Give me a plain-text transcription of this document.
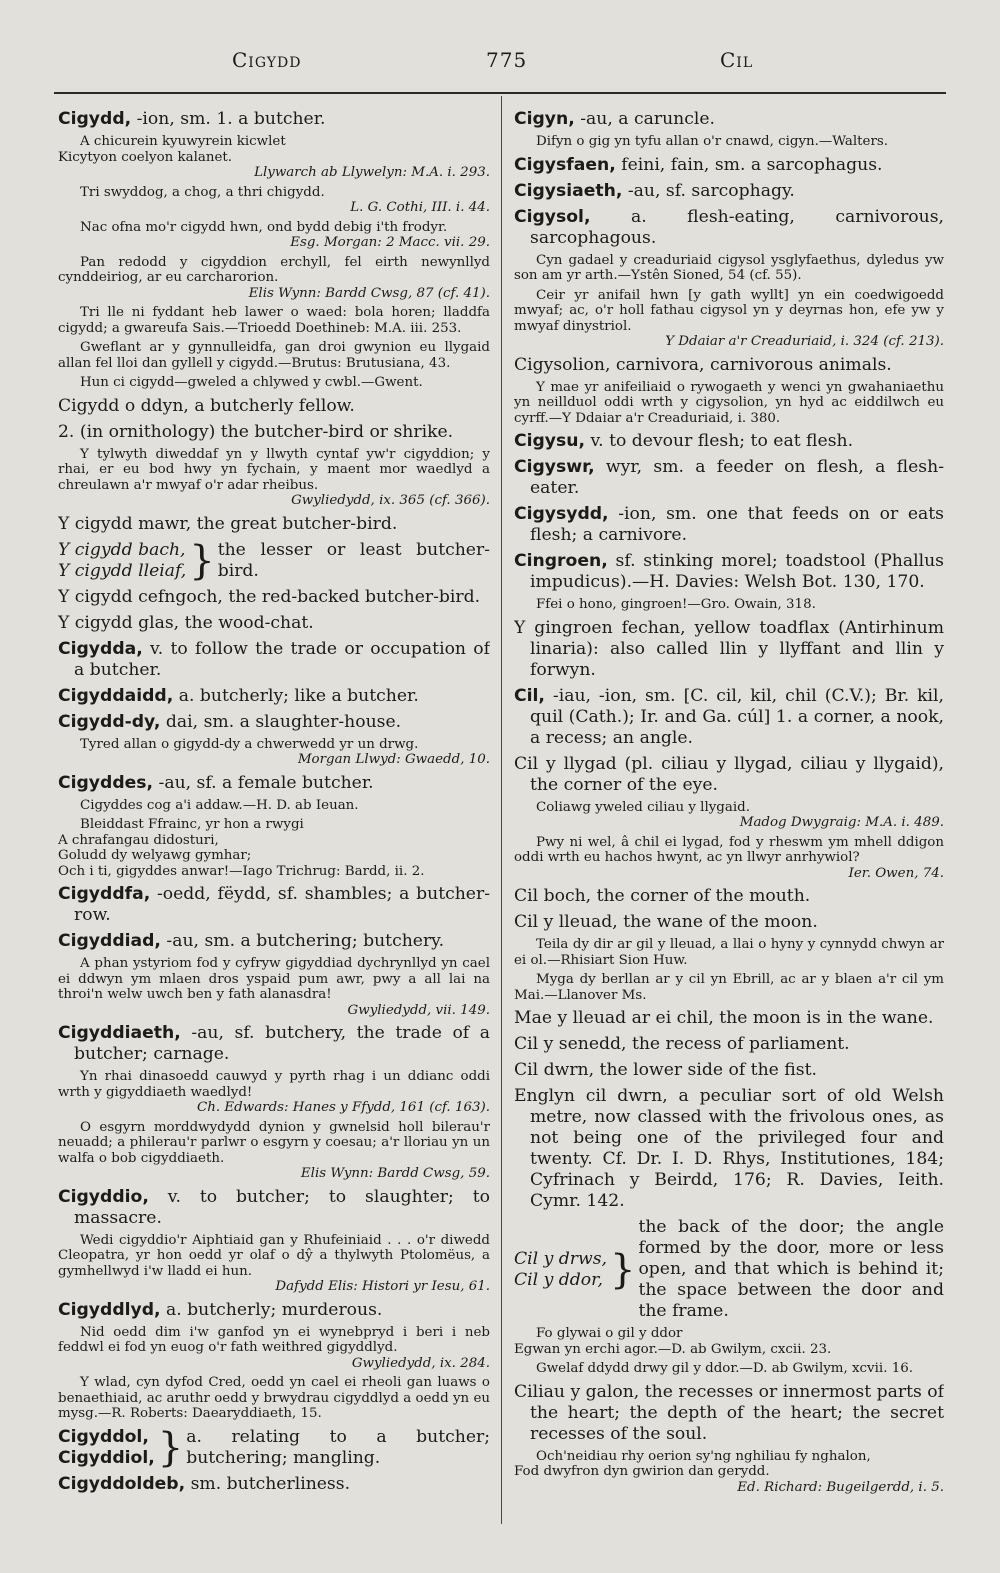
Cigydd	775	Cil

Cigydd, -ion, sm. 1. a butcher.

A chicurein kyuwyrein kicwlet
Kicytyon coelyon kalanet.

Llywarch ab Llywelyn: M.A. i. 293.

Tri swyddog, a chog, a thri chigydd.

L. G. Cothi, III. i. 44.

Nac ofna mo'r cigydd hwn, ond bydd debig i'th frodyr.

Esg. Morgan: 2 Macc. vii. 29.

Pan redodd y cigyddion erchyll, fel eirth newynllyd cynddeiriog, ar eu carcharorion.

Elis Wynn: Bardd Cwsg, 87 (cf. 41).

Tri lle ni fyddant heb lawer o waed: bola horen; lladdfa cigydd; a gwareufa Sais.—Trioedd Doethineb: M.A. iii. 253.

Gweflant ar y gynnulleidfa, gan droi gwynion eu llygaid allan fel lloi dan gyllell y cigydd.—Brutus: Brutusiana, 43.

Hun ci cigydd—gweled a chlywed y cwbl.—Gwent.

Cigydd o ddyn, a butcherly fellow.

2. (in ornithology) the butcher-bird or shrike.

Y tylwyth diweddaf yn y llwyth cyntaf yw'r cigyddion; y rhai, er eu bod hwy yn fychain, y maent mor waedlyd a chreulawn a'r mwyaf o'r adar rheibus.

Gwyliedydd, ix. 365 (cf. 366).

Y cigydd mawr, the great butcher-bird.

Y cigydd bach,
Y cigydd lleiaf, } the lesser or least butcher-bird.

Y cigydd cefngoch, the red-backed butcher-bird.

Y cigydd glas, the wood-chat.

Cigydda, v. to follow the trade or occupation of a butcher.

Cigyddaidd, a. butcherly; like a butcher.

Cigydd-dy, dai, sm. a slaughter-house.

Tyred allan o gigydd-dy a chwerwedd yr un drwg.

Morgan Llwyd: Gwaedd, 10.

Cigyddes, -au, sf. a female butcher.

Cigyddes cog a'i addaw.—H. D. ab Ieuan.

Bleiddast Ffrainc, yr hon a rwygi
A chrafangau didosturi,
Goludd dy welyawg gymhar;
Och i ti, gigyddes anwar!—Iago Trichrug: Bardd, ii. 2.

Cigyddfa, -oedd, fëydd, sf. shambles; a butcher-row.

Cigyddiad, -au, sm. a butchering; butchery.

A phan ystyriom fod y cyfryw gigyddiad dychrynllyd yn cael ei ddwyn ym mlaen dros yspaid pum awr, pwy a all lai na throi'n welw uwch ben y fath alanasdra!

Gwyliedydd, vii. 149.

Cigyddiaeth, -au, sf. butchery, the trade of a butcher; carnage.

Yn rhai dinasoedd cauwyd y pyrth rhag i un ddianc oddi wrth y gigyddiaeth waedlyd!

Ch. Edwards: Hanes y Ffydd, 161 (cf. 163).

O esgyrn morddwydydd dynion y gwnelsid holl bilerau'r neuadd; a philerau'r parlwr o esgyrn y coesau; a'r lloriau yn un walfa o bob cigyddiaeth.

Elis Wynn: Bardd Cwsg, 59.

Cigyddio, v. to butcher; to slaughter; to massacre.

Wedi cigyddio'r Aiphtiaid gan y Rhufeiniaid . . . o'r diwedd Cleopatra, yr hon oedd yr olaf o dŷ a thylwyth Ptolomëus, a gymhellwyd i'w lladd ei hun.

Dafydd Elis: Histori yr Iesu, 61.

Cigyddlyd, a. butcherly; murderous.

Nid oedd dim i'w ganfod yn ei wynebpryd i beri i neb feddwl ei fod yn euog o'r fath weithred gigyddlyd.

Gwyliedydd, ix. 284.

Y wlad, cyn dyfod Cred, oedd yn cael ei rheoli gan luaws o benaethiaid, ac aruthr oedd y brwydrau cigyddlyd a oedd yn eu mysg.—R. Roberts: Daearyddiaeth, 15.

Cigyddol,
Cigyddiol, } a. relating to a butcher; butchering; mangling.

Cigyddoldeb, sm. butcherliness.

Cigyn, -au, a caruncle.

Difyn o gig yn tyfu allan o'r cnawd, cigyn.—Walters.

Cigysfaen, feini, fain, sm. a sarcophagus.

Cigysiaeth, -au, sf. sarcophagy.

Cigysol, a. flesh-eating, carnivorous, sarcophagous.

Cyn gadael y creaduriaid cigysol ysglyfaethus, dyledus yw son am yr arth.—Ystên Sioned, 54 (cf. 55).

Ceir yr anifail hwn [y gath wyllt] yn ein coedwigoedd mwyaf; ac, o'r holl fathau cigysol yn y deyrnas hon, efe yw y mwyaf dinystriol.

Y Ddaiar a'r Creaduriaid, i. 324 (cf. 213).

Cigysolion, carnivora, carnivorous animals.

Y mae yr anifeiliaid o rywogaeth y wenci yn gwahaniaethu yn neillduol oddi wrth y cigysolion, yn hyd ac eiddilwch eu cyrff.—Y Ddaiar a'r Creaduriaid, i. 380.

Cigysu, v. to devour flesh; to eat flesh.

Cigyswr, wyr, sm. a feeder on flesh, a flesh-eater.

Cigysydd, -ion, sm. one that feeds on or eats flesh; a carnivore.

Cingroen, sf. stinking morel; toadstool (Phallus impudicus).—H. Davies: Welsh Bot. 130, 170.

Ffei o hono, gingroen!—Gro. Owain, 318.

Y gingroen fechan, yellow toadflax (Antirhinum linaria): also called llin y llyffant and llin y forwyn.

Cil, -iau, -ion, sm. [C. cil, kil, chil (C.V.); Br. kil, quil (Cath.); Ir. and Ga. cúl] 1. a corner, a nook, a recess; an angle.

Cil y llygad (pl. ciliau y llygad, ciliau y llygaid), the corner of the eye.

Coliawg yweled ciliau y llygaid.

Madog Dwygraig: M.A. i. 489.

Pwy ni wel, â chil ei lygad, fod y rheswm ym mhell ddigon oddi wrth eu hachos hwynt, ac yn llwyr anrhywiol?

Ier. Owen, 74.

Cil boch, the corner of the mouth.

Cil y lleuad, the wane of the moon.

Teila dy dir ar gil y lleuad, a llai o hyny y cynnydd chwyn ar ei ol.—Rhisiart Sion Huw.

Myga dy berllan ar y cil yn Ebrill, ac ar y blaen a'r cil ym Mai.—Llanover Ms.

Mae y lleuad ar ei chil, the moon is in the wane.

Cil y senedd, the recess of parliament.

Cil dwrn, the lower side of the fist.

Englyn cil dwrn, a peculiar sort of old Welsh metre, now classed with the frivolous ones, as not being one of the privileged four and twenty. Cf. Dr. I. D. Rhys, Institutiones, 184; Cyfrinach y Beirdd, 176; R. Davies, Ieith. Cymr. 142.

Cil y drws,
Cil y ddor, }
the back of the door; the angle formed by the door, more or less open, and that which is behind it; the space between the door and the frame.

Fo glywai o gil y ddor
Egwan yn erchi agor.—D. ab Gwilym, cxcii. 23.

Gwelaf ddydd drwy gil y ddor.—D. ab Gwilym, xcvii. 16.

Ciliau y galon, the recesses or innermost parts of the heart; the depth of the heart; the secret recesses of the soul.

Och'neidiau rhy oerion sy'ng nghiliau fy nghalon,
Fod dwyfron dyn gwirion dan gerydd.

Ed. Richard: Bugeilgerdd, i. 5.
